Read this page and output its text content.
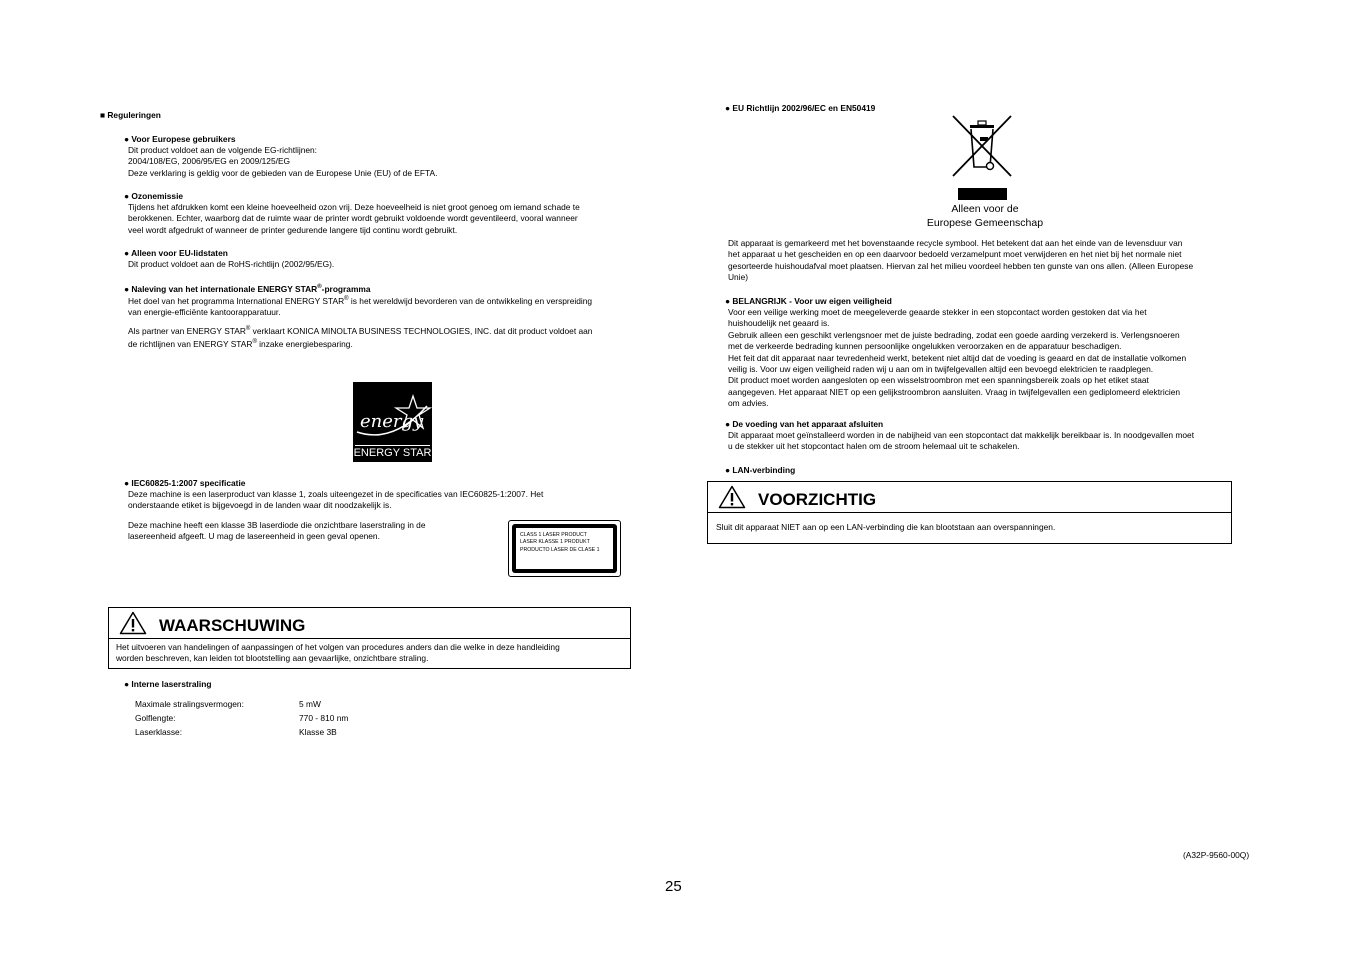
■ Reguleringen
● Voor Europese gebruikers
Dit product voldoet aan de volgende EG-richtlijnen:
2004/108/EG, 2006/95/EG en 2009/125/EG
Deze verklaring is geldig voor de gebieden van de Europese Unie (EU) of de EFTA.
● Ozonemissie
Tijdens het afdrukken komt een kleine hoeveelheid ozon vrij. Deze hoeveelheid is niet groot genoeg om iemand schade te
berokkenen. Echter, waarborg dat de ruimte waar de printer wordt gebruikt voldoende wordt geventileerd, vooral wanneer
veel wordt afgedrukt of wanneer de printer gedurende langere tijd continu wordt gebruikt.
● Alleen voor EU-lidstaten
Dit product voldoet aan de RoHS-richtlijn (2002/95/EG).
● Naleving van het internationale ENERGY STAR®-programma
Het doel van het programma International ENERGY STAR® is het wereldwijd bevorderen van de ontwikkeling en verspreiding
van energie-efficiënte kantoorapparatuur.
Als partner van ENERGY STAR® verklaart KONICA MINOLTA BUSINESS TECHNOLOGIES, INC. dat dit product voldoet aan
de richtlijnen van ENERGY STAR® inzake energiebesparing.
energy
ENERGY STAR
● IEC60825-1:2007 specificatie
Deze machine is een laserproduct van klasse 1, zoals uiteengezet in de specificaties van IEC60825-1:2007. Het
onderstaande etiket is bijgevoegd in de landen waar dit noodzakelijk is.
Deze machine heeft een klasse 3B laserdiode die onzichtbare laserstraling in de
lasereenheid afgeeft. U mag de lasereenheid in geen geval openen.	CLASS 1 LASER PRODUCT
LASER KLASSE 1 PRODUKT
PRODUCTO LASER DE CLASE 1
WAARSCHUWING
Het uitvoeren van handelingen of aanpassingen of het volgen van procedures anders dan die welke in deze handleiding
worden beschreven, kan leiden tot blootstelling aan gevaarlijke, onzichtbare straling.
● Interne laserstraling
Maximale stralingsvermogen:	5 mW
Golflengte:	770 - 810 nm
Laserklasse:	Klasse 3B
● EU Richtlijn 2002/96/EC en EN50419
Alleen voor de
Europese Gemeenschap
Dit apparaat is gemarkeerd met het bovenstaande recycle symbool. Het betekent dat aan het einde van de levensduur van
het apparaat u het gescheiden en op een daarvoor bedoeld verzamelpunt moet verwijderen en het niet bij het normale niet
gesorteerde huishoudafval moet plaatsen. Hiervan zal het milieu voordeel hebben ten gunste van ons allen. (Alleen Europese
Unie)
● BELANGRIJK - Voor uw eigen veiligheid
Voor een veilige werking moet de meegeleverde geaarde stekker in een stopcontact worden gestoken dat via het
huishoudelijk net geaard is.
Gebruik alleen een geschikt verlengsnoer met de juiste bedrading, zodat een goede aarding verzekerd is. Verlengsnoeren
met de verkeerde bedrading kunnen persoonlijke ongelukken veroorzaken en de apparatuur beschadigen.
Het feit dat dit apparaat naar tevredenheid werkt, betekent niet altijd dat de voeding is geaard en dat de installatie volkomen
veilig is. Voor uw eigen veiligheid raden wij u aan om in twijfelgevallen altijd een bevoegd elektricien te raadplegen.
Dit product moet worden aangesloten op een wisselstroombron met een spanningsbereik zoals op het etiket staat
aangegeven. Het apparaat NIET op een gelijkstroombron aansluiten. Vraag in twijfelgevallen een gediplomeerd elektricien
om advies.
● De voeding van het apparaat afsluiten
Dit apparaat moet geïnstalleerd worden in de nabijheid van een stopcontact dat makkelijk bereikbaar is. In noodgevallen moet
u de stekker uit het stopcontact halen om de stroom helemaal uit te schakelen.
● LAN-verbinding
VOORZICHTIG
Sluit dit apparaat NIET aan op een LAN-verbinding die kan blootstaan aan overspanningen.
(A32P-9560-00Q)
25
